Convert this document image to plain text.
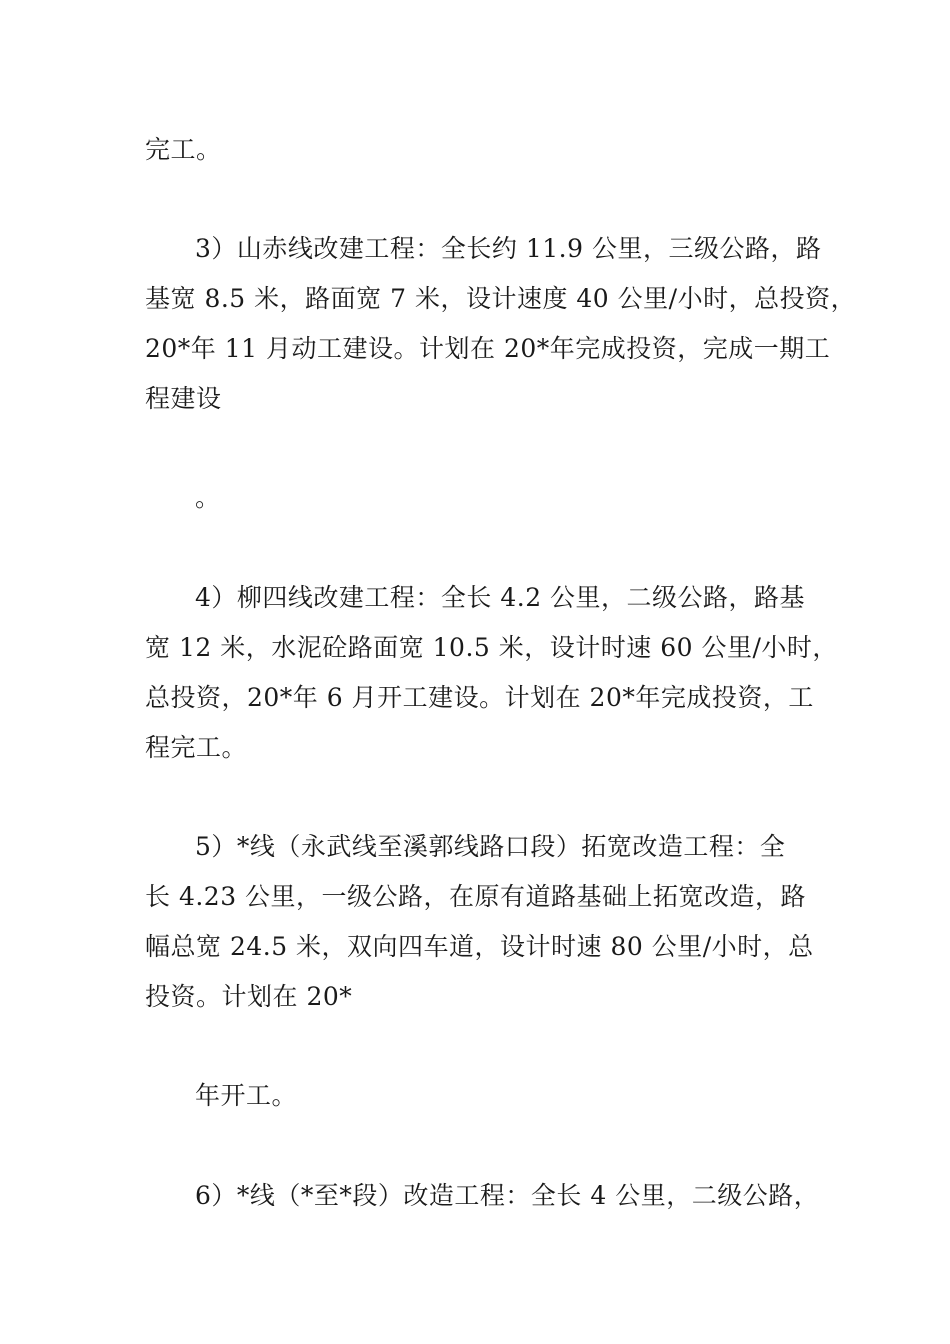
完工。
3）山赤线改建工程：全长约 11.9 公里，三级公路，路
基宽 8.5 米，路面宽 7 米，设计速度 40 公里/小时，总投资，
20*年 11 月动工建设。计划在 20*年完成投资，完成一期工
程建设
。
4）柳四线改建工程：全长 4.2 公里，二级公路，路基
宽 12 米，水泥砼路面宽 10.5 米，设计时速 60 公里/小时，
总投资，20*年 6 月开工建设。计划在 20*年完成投资，工
程完工。
5）*线（永武线至溪郭线路口段）拓宽改造工程：全
长 4.23 公里，一级公路，在原有道路基础上拓宽改造，路
幅总宽 24.5 米，双向四车道，设计时速 80 公里/小时，总
投资。计划在 20*
年开工。
6）*线（*至*段）改造工程：全长 4 公里，二级公路，
